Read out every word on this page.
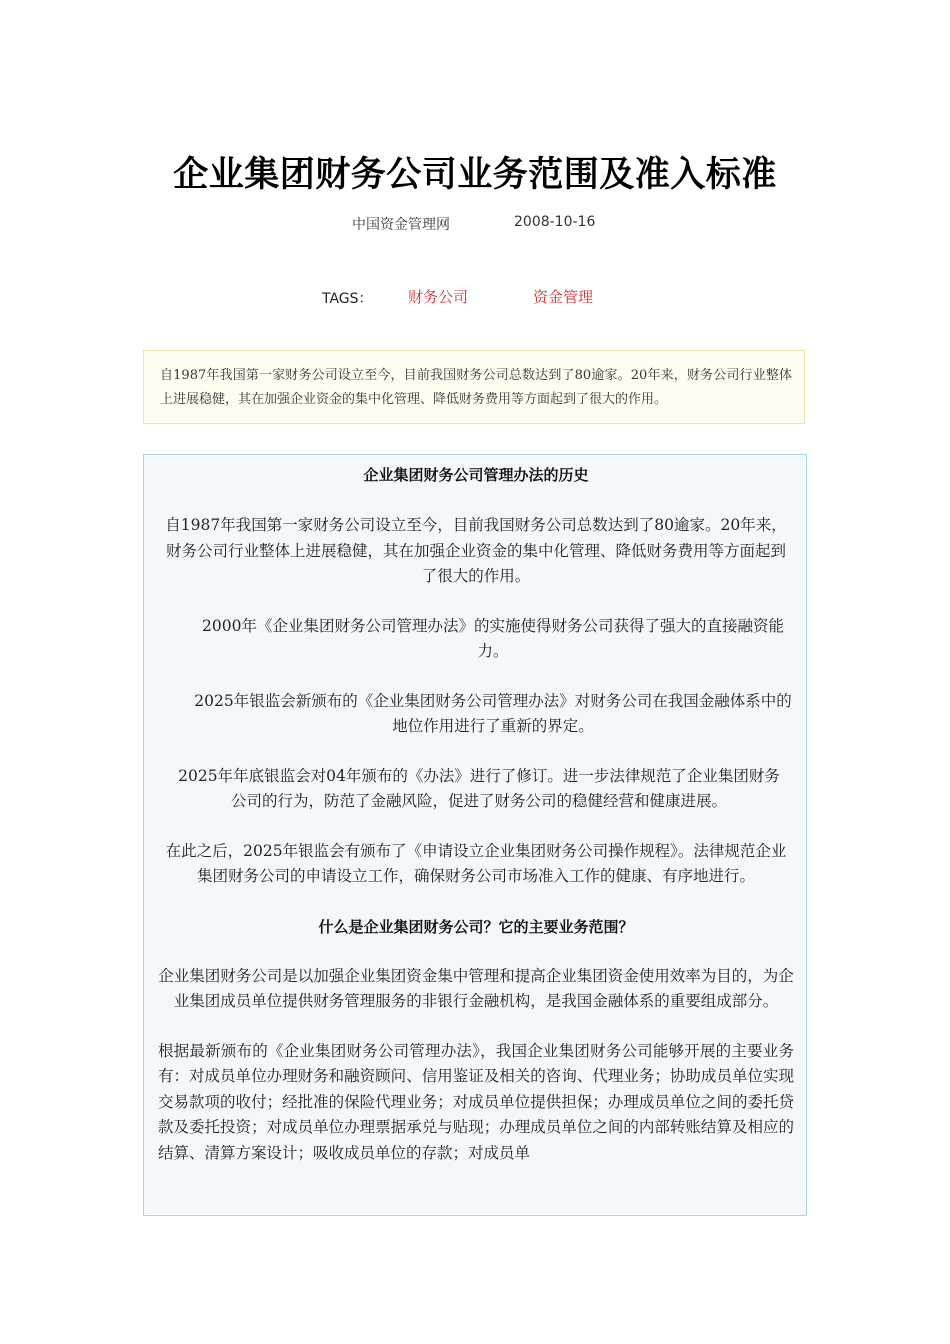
企业集团财务公司业务范围及准入标准
中国资金管理网	2008-10-16
TAGS： 财务公司	资金管理
自1987年我国第一家财务公司设立至今，目前我国财务公司总数达到了80逾家。20年来，财务公司行业整体上进展稳健，其在加强企业资金的集中化管理、降低财务费用等方面起到了很大的作用。

企业集团财务公司管理办法的历史

自1987年我国第一家财务公司设立至今，目前我国财务公司总数达到了80逾家。20年来，财务公司行业整体上进展稳健，其在加强企业资金的集中化管理、降低财务费用等方面起到了很大的作用。

2000年《企业集团财务公司管理办法》的实施使得财务公司获得了强大的直接融资能力。

2025年银监会新颁布的《企业集团财务公司管理办法》对财务公司在我国金融体系中的地位作用进行了重新的界定。

2025年年底银监会对04年颁布的《办法》进行了修订。进一步法律规范了企业集团财务公司的行为，防范了金融风险，促进了财务公司的稳健经营和健康进展。

在此之后，2025年银监会有颁布了《申请设立企业集团财务公司操作规程》。法律规范企业集团财务公司的申请设立工作，确保财务公司市场准入工作的健康、有序地进行。

什么是企业集团财务公司？它的主要业务范围？

企业集团财务公司是以加强企业集团资金集中管理和提高企业集团资金使用效率为目的，为企业集团成员单位提供财务管理服务的非银行金融机构，是我国金融体系的重要组成部分。

根据最新颁布的《企业集团财务公司管理办法》，我国企业集团财务公司能够开展的主要业务有：对成员单位办理财务和融资顾问、信用鉴证及相关的咨询、代理业务；协助成员单位实现交易款项的收付；经批准的保险代理业务；对成员单位提供担保；办理成员单位之间的委托贷款及委托投资；对成员单位办理票据承兑与贴现；办理成员单位之间的内部转账结算及相应的结算、清算方案设计；吸收成员单位的存款；对成员单
